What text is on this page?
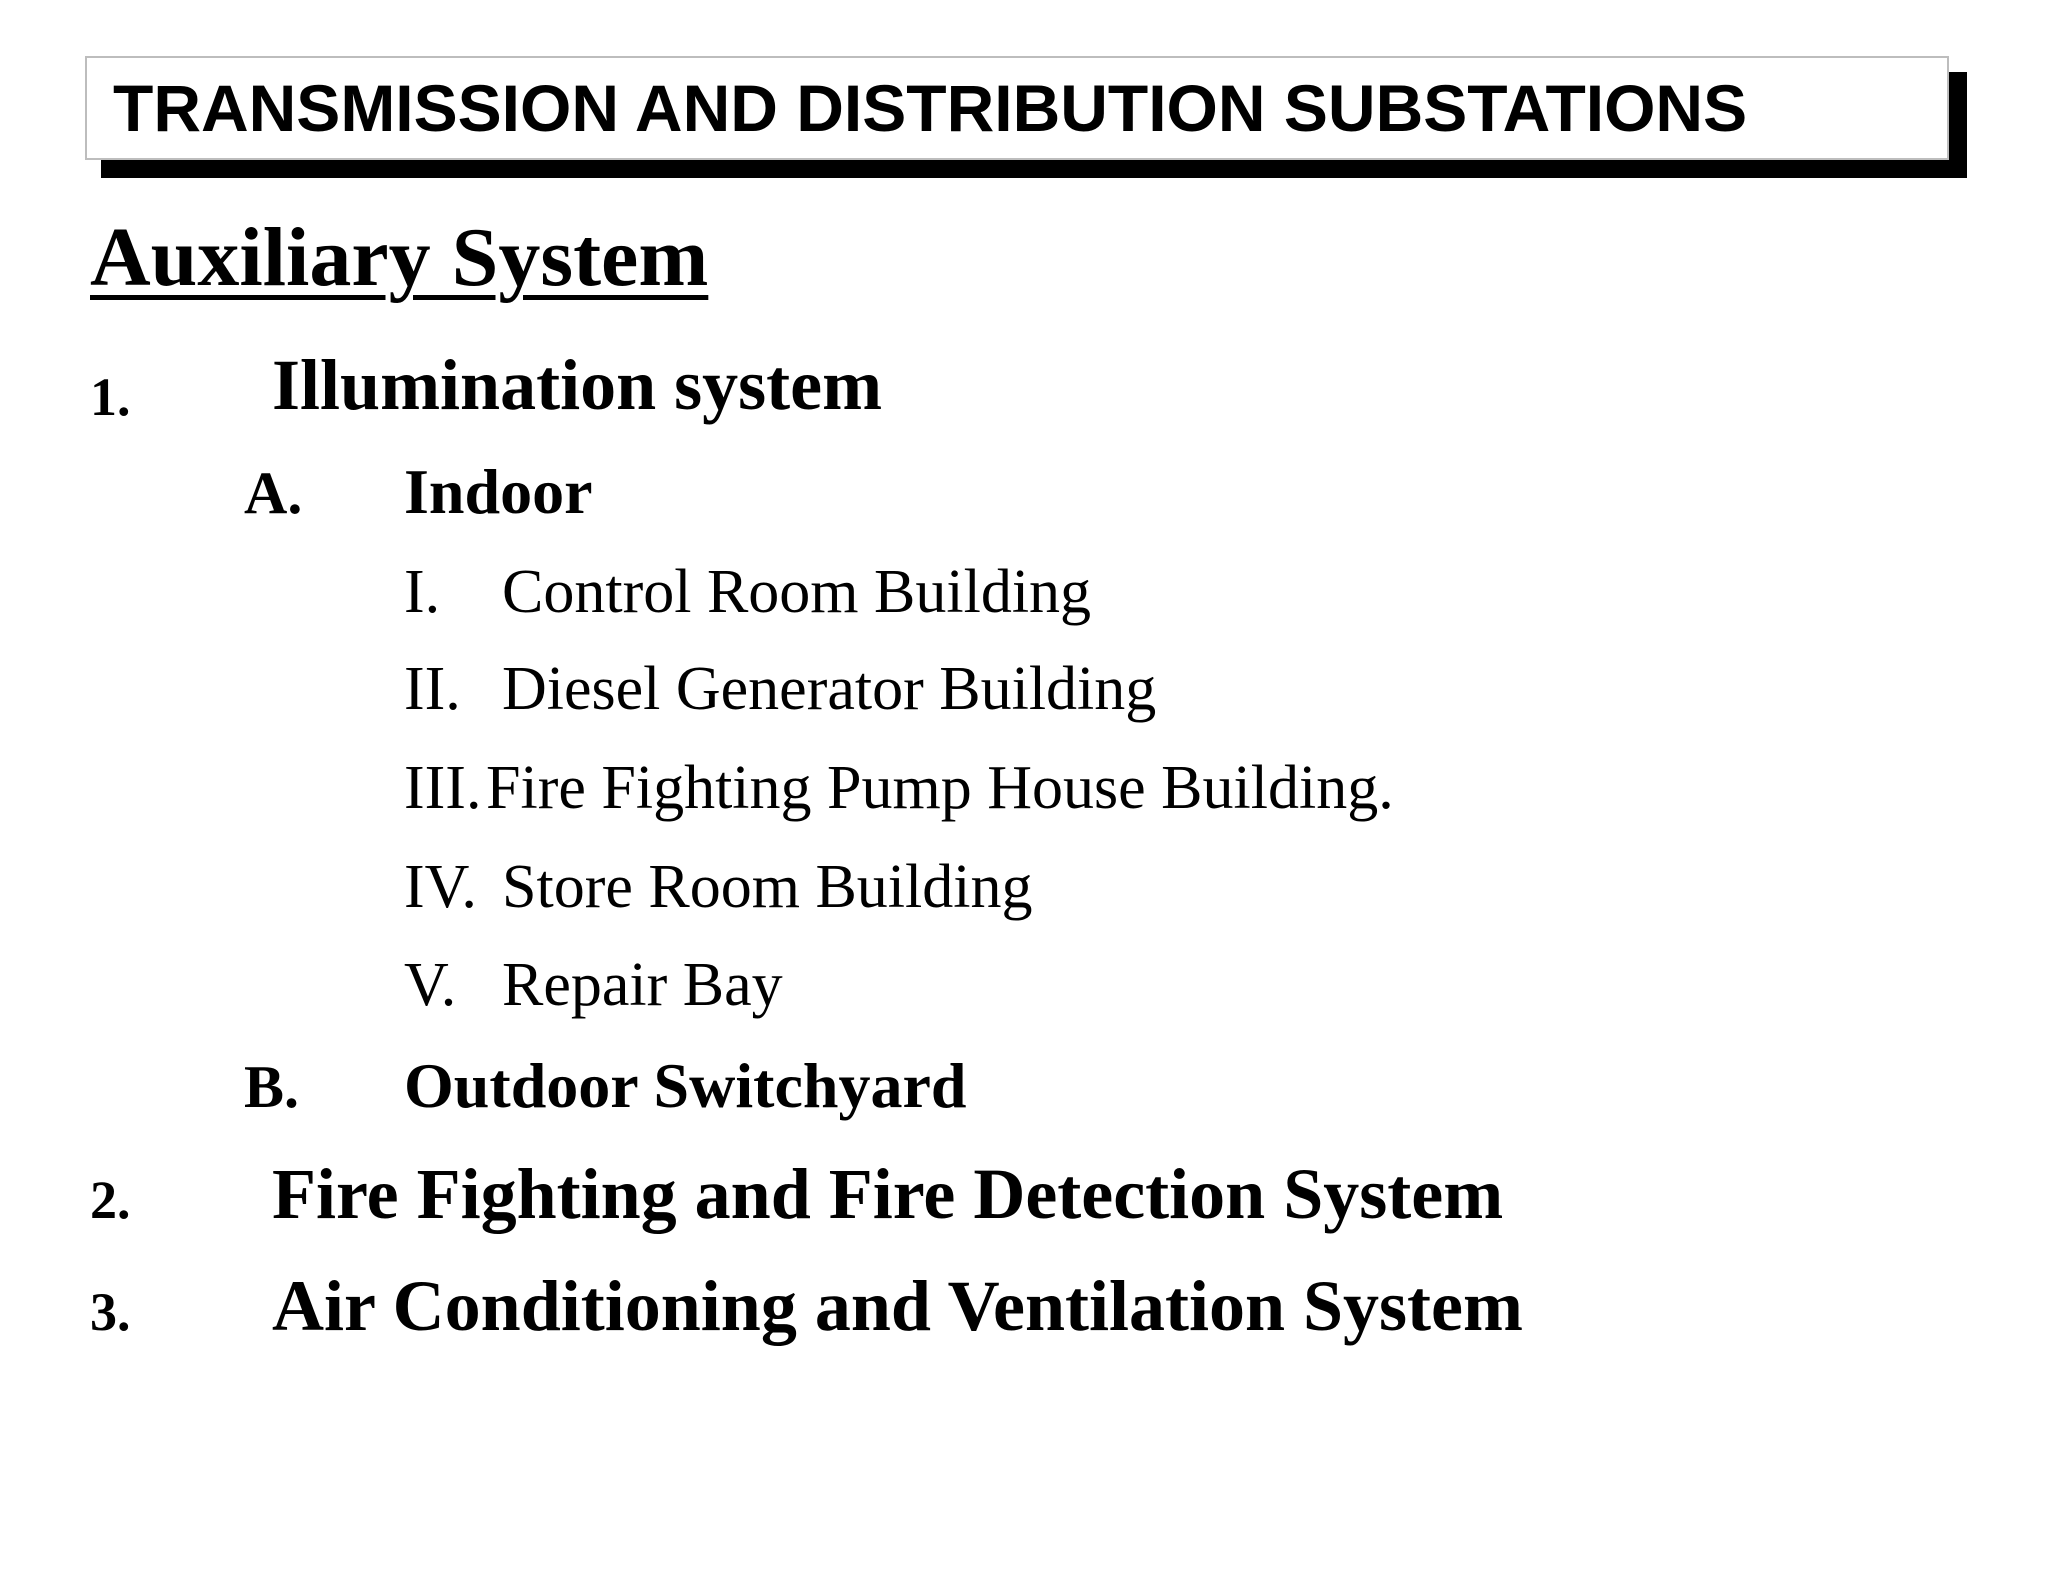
TRANSMISSION AND DISTRIBUTION SUBSTATIONS
Auxiliary System
1. Illumination system
A. Indoor
I. Control Room Building
II. Diesel Generator Building
III. Fire Fighting Pump House Building.
IV. Store Room Building
V. Repair Bay
B. Outdoor Switchyard
2. Fire Fighting and Fire Detection System
3. Air Conditioning and Ventilation System
